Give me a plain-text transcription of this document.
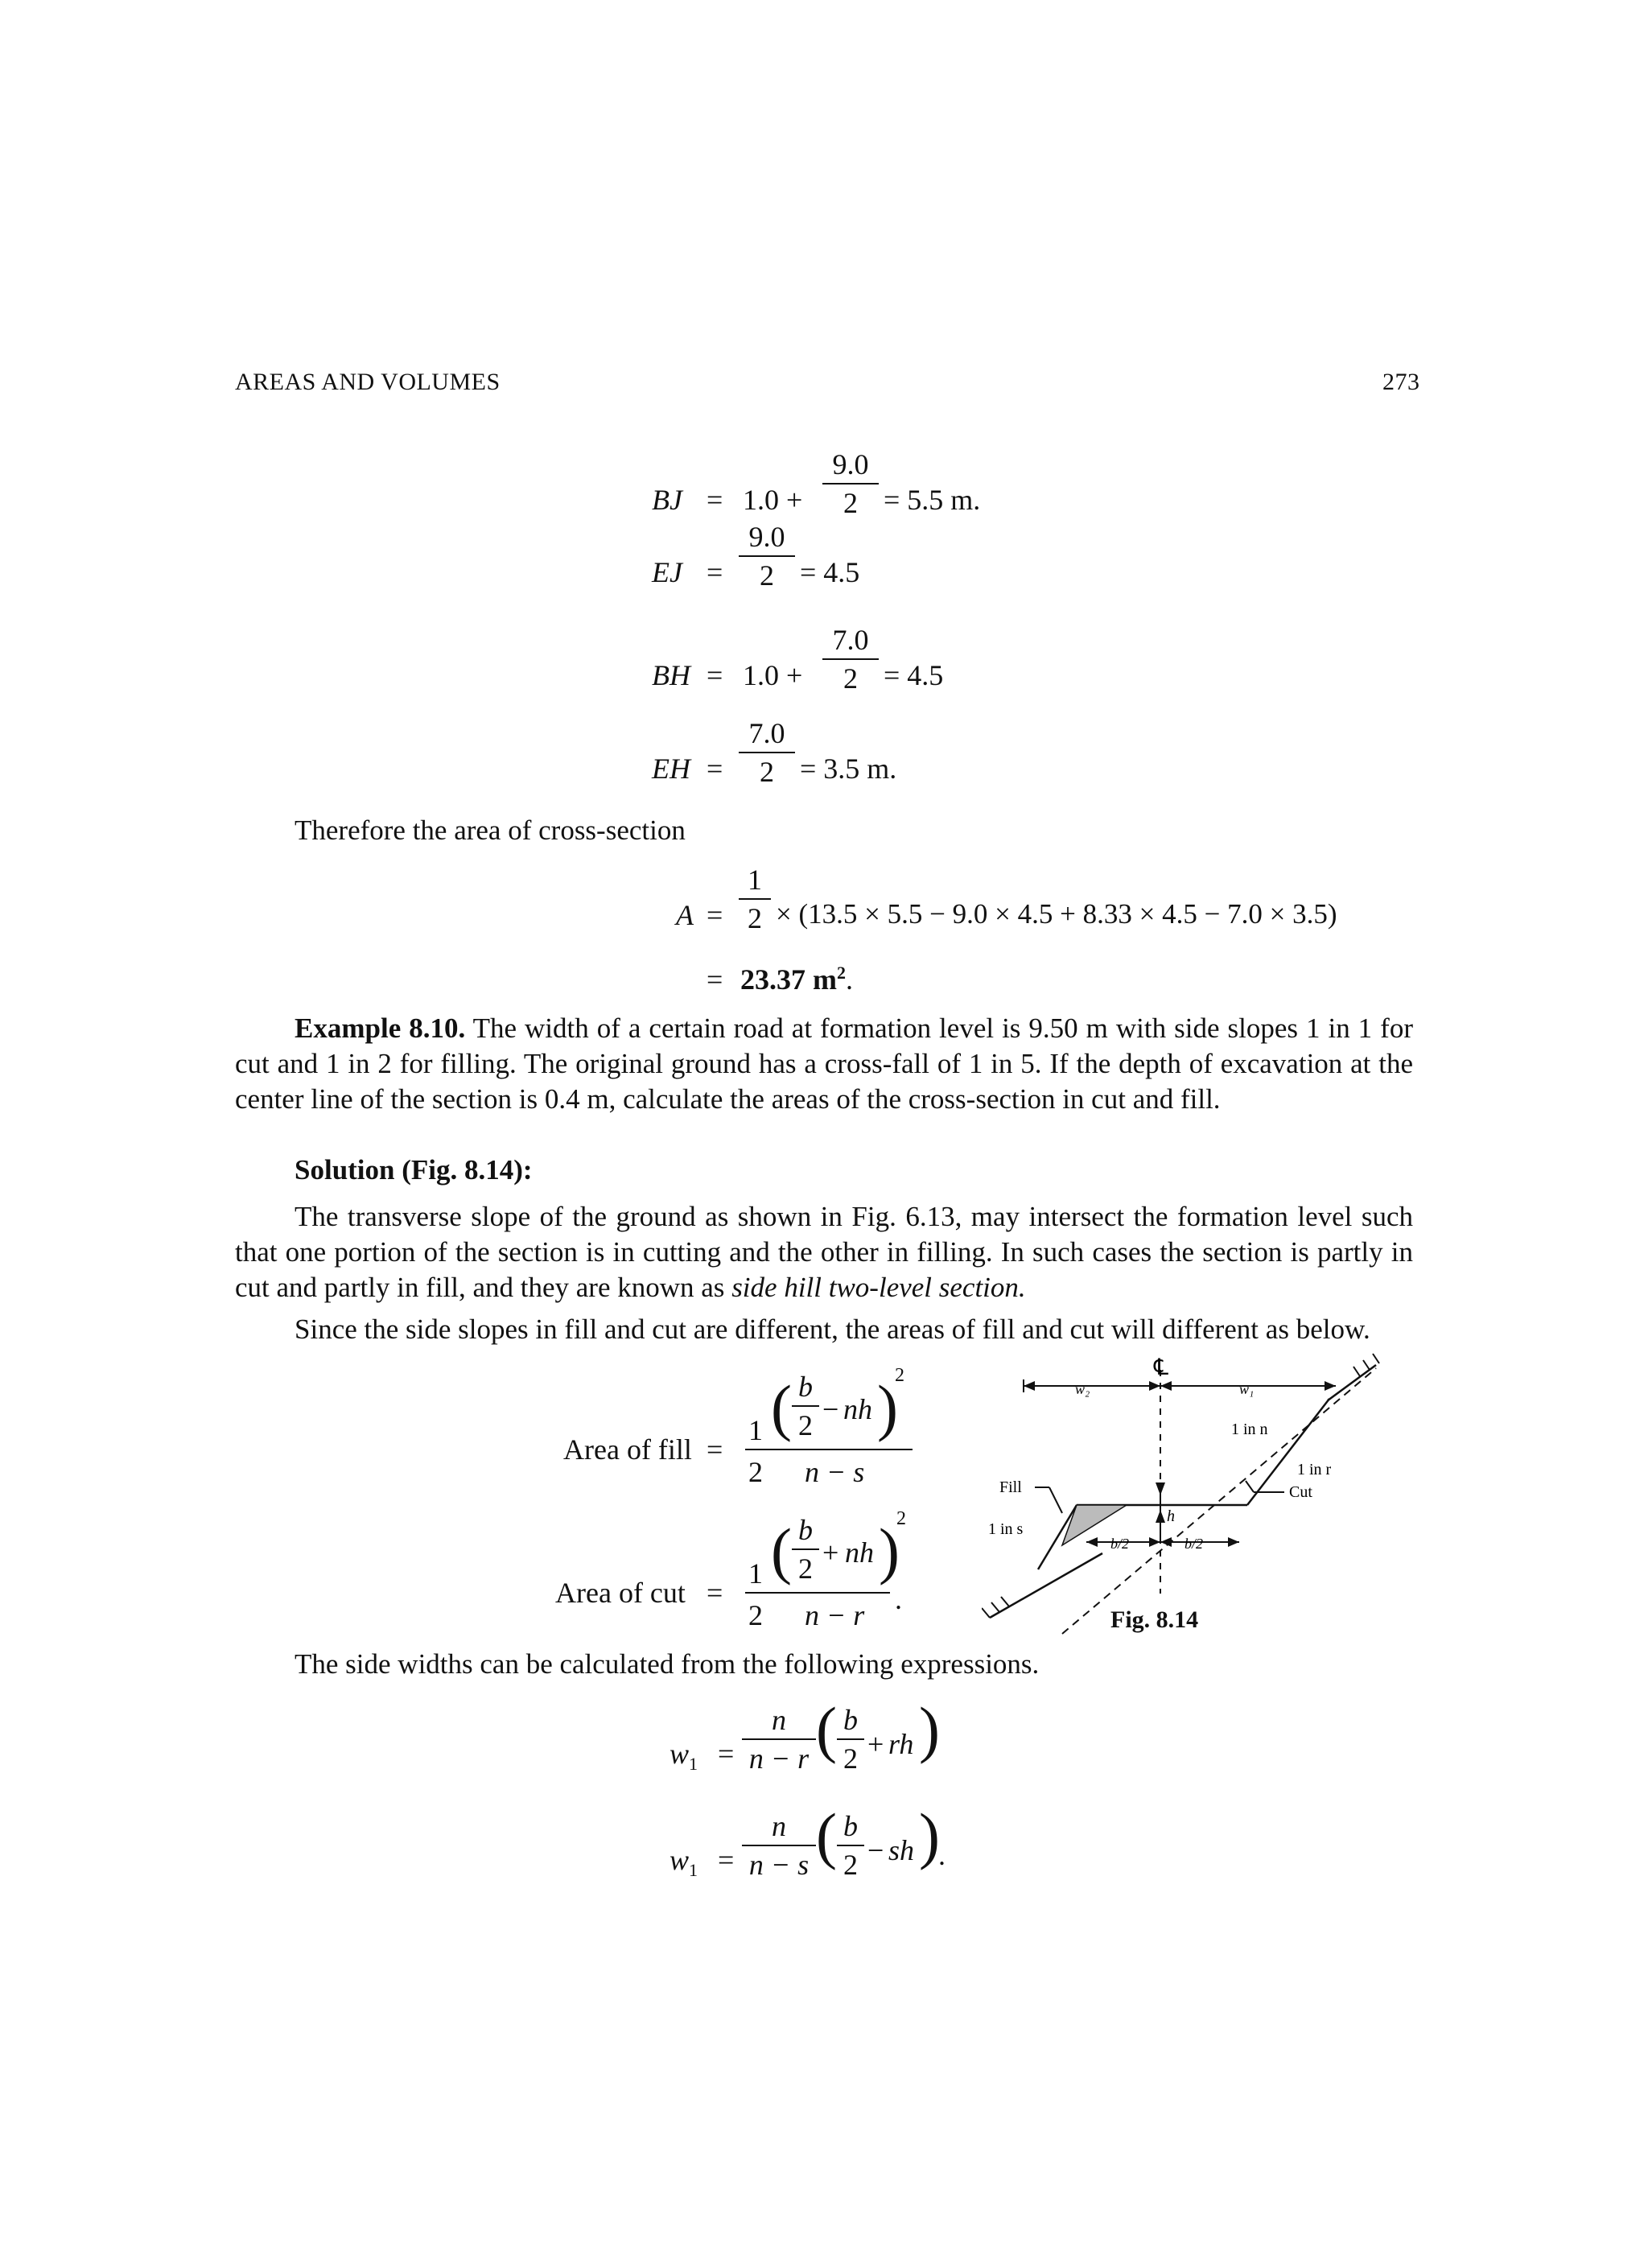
AREAS AND VOLUMES	273
BJ = $1.0 + \frac{9.0}{2} = 5.5$ m.
EJ = $\frac{9.0}{2} = 4.5$
BH = $1.0 + \frac{7.0}{2} = 4.5$
EH = $\frac{7.0}{2} = 3.5$ m.
Therefore the area of cross-section
$A = \frac{1}{2} \times (13.5 \times 5.5 - 9.0 \times 4.5 + 8.33 \times 4.5 - 7.0 \times 3.5)$
= 23.37 $m^2$.
Example 8.10. The width of a certain road at formation level is 9.50 m with side slopes 1 in 1 for cut and 1 in 2 for filling. The original ground has a cross-fall of 1 in 5. If the depth of excavation at the center line of the section is 0.4 m, calculate the areas of the cross-section in cut and fill.
Solution (Fig. 8.14):
The transverse slope of the ground as shown in Fig. 6.13, may intersect the formation level such that one portion of the section is in cutting and the other in filling. In such cases the section is partly in cut and partly in fill, and they are known as side hill two-level section.
Since the side slopes in fill and cut are different, the areas of fill and cut will different as below.
Area of fill =
1
2
( $\frac{b}{2}$ − nh )
2
n − s
Area of cut =
1
2
( $\frac{b}{2}$ + nh )
2
n − r .
℄
w₂	w₁
1 in n
1 in r
Cut
Fill
1 in s
h
b/2	b/2
Fig. 8.14
The side widths can be calculated from the following expressions.
$w_1 = \frac{n}{n - r}$ ( $\frac{b}{2}$ + rh )
$w_1 = \frac{n}{n - s}$ ( $\frac{b}{2}$ − sh )
.
